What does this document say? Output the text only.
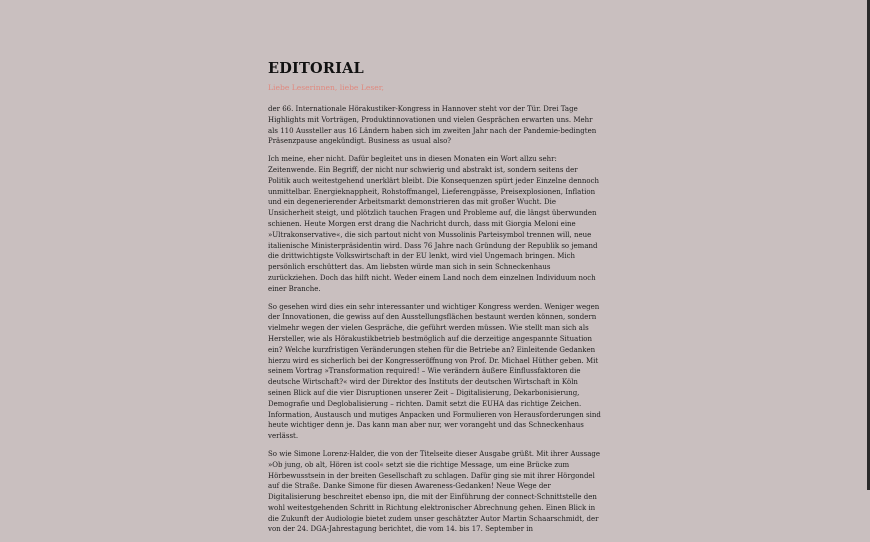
EDITORIAL
Liebe Leserinnen, liebe Leser,

der 66. Internationale Hörakustiker-Kongress in Hannover steht vor der Tür. Drei Tage Highlights mit Vorträgen, Produktinnovationen und vielen Gesprächen erwarten uns. Mehr als 110 Aussteller aus 16 Ländern haben sich im zweiten Jahr nach der Pandemie-bedingten Präsenzpause angekündigt. Business as usual also?

Ich meine, eher nicht. Dafür begleitet uns in diesen Monaten ein Wort allzu sehr: Zeitenwende. Ein Begriff, der nicht nur schwierig und abstrakt ist, sondern seitens der Politik auch weitestgehend unerklärt bleibt. Die Konsequenzen spürt jeder Einzelne dennoch unmittelbar. Energieknappheit, Rohstoffmangel, Lieferengpässe, Preisexplosionen, Inflation und ein degenerierender Arbeitsmarkt demonstrieren das mit großer Wucht. Die Unsicherheit steigt, und plötzlich tauchen Fragen und Probleme auf, die längst überwunden schienen. Heute Morgen erst drang die Nachricht durch, dass mit Giorgia Meloni eine »Ultrakonservative«, die sich partout nicht von Mussolinis Parteisymbol trennen will, neue italienische Ministerpräsidentin wird. Dass 76 Jahre nach Gründung der Republik so jemand die drittwichtigste Volkswirtschaft in der EU lenkt, wird viel Ungemach bringen. Mich persönlich erschüttert das. Am liebsten würde man sich in sein Schneckenhaus zurückziehen. Doch das hilft nicht. Weder einem Land noch dem einzelnen Individuum noch einer Branche.

So gesehen wird dies ein sehr interessanter und wichtiger Kongress werden. Weniger wegen der Innovationen, die gewiss auf den Ausstellungsflächen bestaunt werden können, sondern vielmehr wegen der vielen Gespräche, die geführt werden müssen. Wie stellt man sich als Hersteller, wie als Hörakustikbetrieb bestmöglich auf die derzeitige angespannte Situation ein? Welche kurzfristigen Veränderungen stehen für die Betriebe an? Einleitende Gedanken hierzu wird es sicherlich bei der Kongresseröffnung von Prof. Dr. Michael Hüther geben. Mit seinem Vortrag »Transformation required! – Wie verändern äußere Einflussfaktoren die deutsche Wirtschaft?« wird der Direktor des Instituts der deutschen Wirtschaft in Köln seinen Blick auf die vier Disruptionen unserer Zeit – Digitalisierung, Dekarbonisierung, Demografie und Deglobalisierung – richten. Damit setzt die EUHA das richtige Zeichen. Information, Austausch und mutiges Anpacken und Formulieren von Herausforderungen sind heute wichtiger denn je. Das kann man aber nur, wer vorangeht und das Schneckenhaus verlässt.

So wie Simone Lorenz-Halder, die von der Titelseite dieser Ausgabe grüßt. Mit ihrer Aussage »Ob jung, ob alt, Hören ist cool« setzt sie die richtige Message, um eine Brücke zum Hörbewusstsein in der breiten Gesellschaft zu schlagen. Dafür ging sie mit ihrer Hörgondel auf die Straße. Danke Simone für diesen Awareness-Gedanken! Neue Wege der Digitalisierung beschreitet ebenso ipn, die mit der Einführung der connect-Schnittstelle den wohl weitestgehenden Schritt in Richtung elektronischer Abrechnung gehen. Einen Blick in die Zukunft der Audiologie bietet zudem unser geschätzter Autor Martin Schaarschmidt, der von der 24. DGA-Jahrestagung berichtet, die vom 14. bis 17. September in
